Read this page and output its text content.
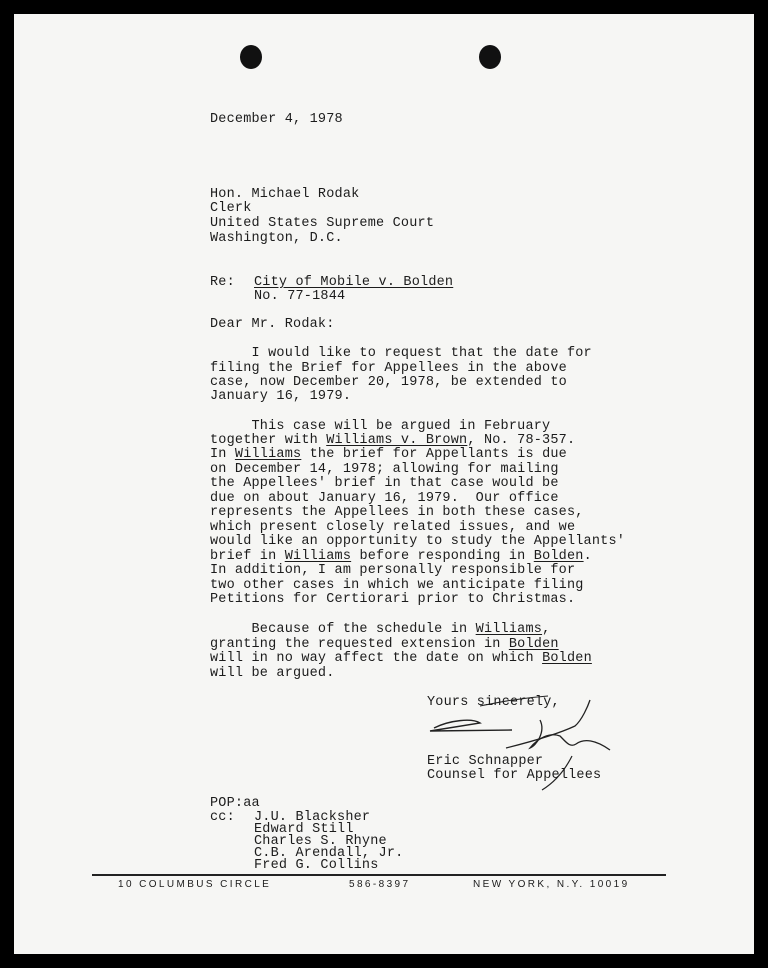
December 4, 1978
Hon. Michael Rodak
Clerk
United States Supreme Court
Washington, D.C.
Re: City of Mobile v. Bolden
No. 77-1844
Dear Mr. Rodak:
I would like to request that the date for
filing the Brief for Appellees in the above
case, now December 20, 1978, be extended to
January 16, 1979.
This case will be argued in February
together with Williams v. Brown, No. 78-357.
In Williams the brief for Appellants is due
on December 14, 1978; allowing for mailing
the Appellees' brief in that case would be
due on about January 16, 1979.  Our office
represents the Appellees in both these cases,
which present closely related issues, and we
would like an opportunity to study the Appellants'
brief in Williams before responding in Bolden.
In addition, I am personally responsible for
two other cases in which we anticipate filing
Petitions for Certiorari prior to Christmas.
Because of the schedule in Williams,
granting the requested extension in Bolden
will in no way affect the date on which Bolden
will be argued.
Yours sincerely,
Eric Schnapper
Counsel for Appellees
POP:aa
cc: J.U. Blacksher
Edward Still
Charles S. Rhyne
C.B. Arendall, Jr.
Fred G. Collins
10 COLUMBUS CIRCLE	586-8397	NEW YORK, N.Y. 10019
